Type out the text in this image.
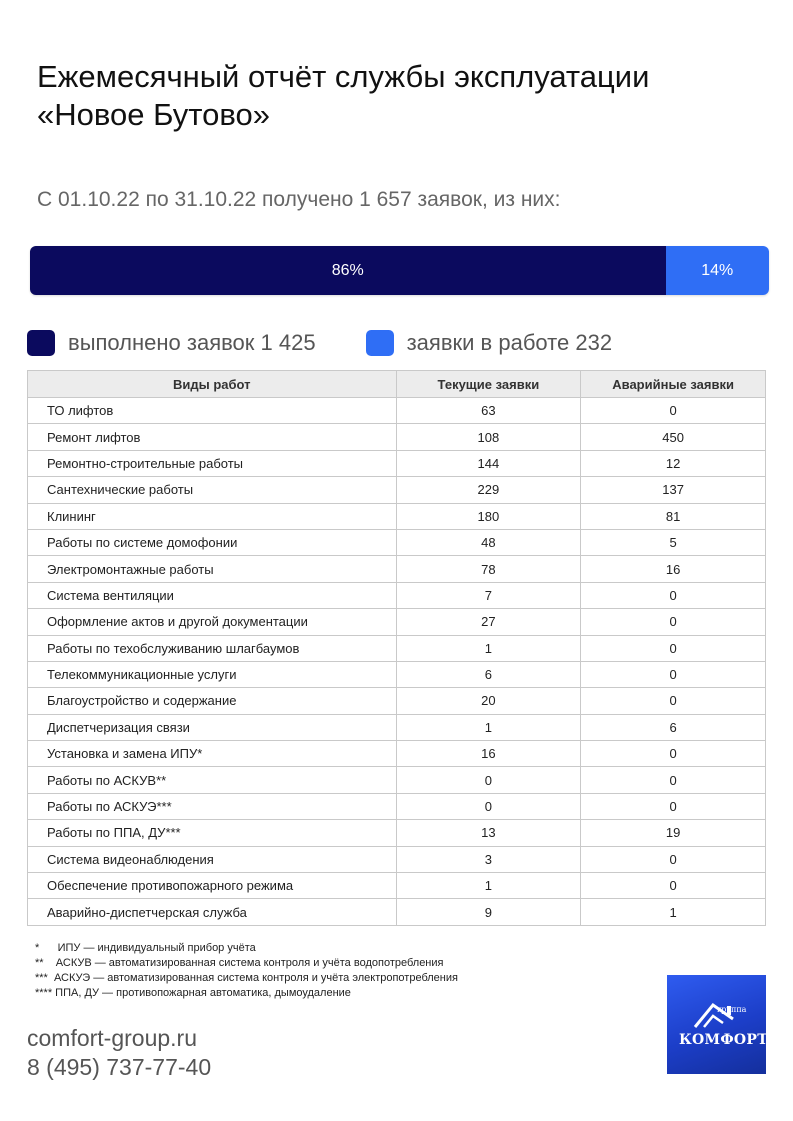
Ежемесячный отчёт службы эксплуатации
«Новое Бутово»
С 01.10.22 по 31.10.22 получено 1 657 заявок, из них:
86%	14%
выполнено заявок 1 425	заявки в работе 232
Виды работ	Текущие заявки	Аварийные заявки
ТО лифтов	63	0
Ремонт лифтов	108	450
Ремонтно-строительные работы	144	12
Сантехнические работы	229	137
Клининг	180	81
Работы по системе домофонии	48	5
Электромонтажные работы	78	16
Система вентиляции	7	0
Оформление актов и другой документации	27	0
Работы по техобслуживанию шлагбаумов	1	0
Телекоммуникационные услуги	6	0
Благоустройство и содержание	20	0
Диспетчеризация связи	1	6
Установка и замена ИПУ*	16	0
Работы по АСКУВ**	0	0
Работы по АСКУЭ***	0	0
Работы по ППА, ДУ***	13	19
Система видеонаблюдения	3	0
Обеспечение противопожарного режима	1	0
Аварийно-диспетчерская служба	9	1
*      ИПУ — индивидуальный прибор учёта
**    АСКУВ — автоматизированная система контроля и учёта водопотребления
***  АСКУЭ — автоматизированная система контроля и учёта электропотребления
**** ППА, ДУ — противопожарная автоматика, дымоудаление
comfort-group.ru
8 (495) 737-77-40
группа
КОМФОРТ
